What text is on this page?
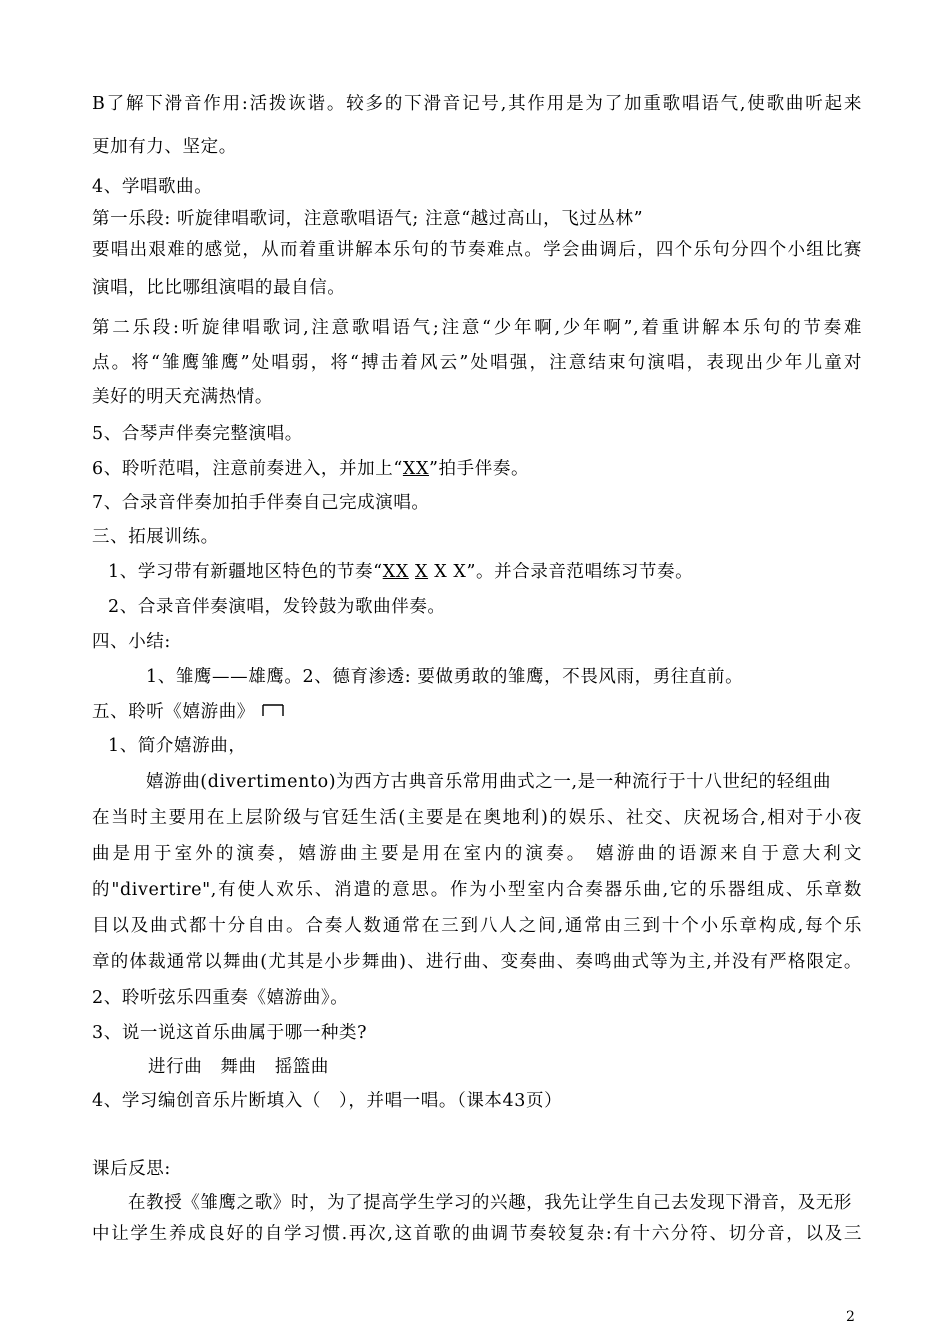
B了解下滑音作用:活拨诙谐。较多的下滑音记号,其作用是为了加重歌唱语气,使歌曲听起来
更加有力、坚定。
4、学唱歌曲。
第一乐段: 听旋律唱歌词，注意歌唱语气; 注意“越过高山，飞过丛林”
要唱出艰难的感觉，从而着重讲解本乐句的节奏难点。学会曲调后，四个乐句分四个小组比赛
演唱，比比哪组演唱的最自信。
第二乐段:听旋律唱歌词,注意歌唱语气;注意“少年啊,少年啊”,着重讲解本乐句的节奏难
点。将“雏鹰雏鹰”处唱弱，将“搏击着风云”处唱强，注意结束句演唱，表现出少年儿童对
美好的明天充满热情。
5、合琴声伴奏完整演唱。
6、聆听范唱，注意前奏进入，并加上“XX”拍手伴奏。
7、合录音伴奏加拍手伴奏自己完成演唱。
三、拓展训练。
1、学习带有新疆地区特色的节奏“XX X X X”。并合录音范唱练习节奏。
2、合录音伴奏演唱，发铃鼓为歌曲伴奏。
四、小结:
1、雏鹰——雄鹰。2、德育渗透: 要做勇敢的雏鹰，不畏风雨，勇往直前。
五、聆听《嬉游曲》
1、简介嬉游曲，
嬉游曲(divertimento)为西方古典音乐常用曲式之一,是一种流行于十八世纪的轻组曲
在当时主要用在上层阶级与官廷生活(主要是在奥地利)的娱乐、社交、庆祝场合,相对于小夜
曲是用于室外的演奏，嬉游曲主要是用在室内的演奏。 嬉游曲的语源来自于意大利文
的"divertire",有使人欢乐、消遣的意思。作为小型室内合奏器乐曲,它的乐器组成、乐章数
目以及曲式都十分自由。合奏人数通常在三到八人之间,通常由三到十个小乐章构成,每个乐
章的体裁通常以舞曲(尤其是小步舞曲)、进行曲、变奏曲、奏鸣曲式等为主,并没有严格限定。
2、聆听弦乐四重奏《嬉游曲》。
3、说一说这首乐曲属于哪一种类?
进行曲　舞曲　摇篮曲
4、学习编创音乐片断填入（　），并唱一唱。（课本43页）
课后反思:
在教授《雏鹰之歌》时，为了提高学生学习的兴趣，我先让学生自己去发现下滑音，及无形
中让学生养成良好的自学习惯.再次,这首歌的曲调节奏较复杂:有十六分符、切分音，以及三
2
